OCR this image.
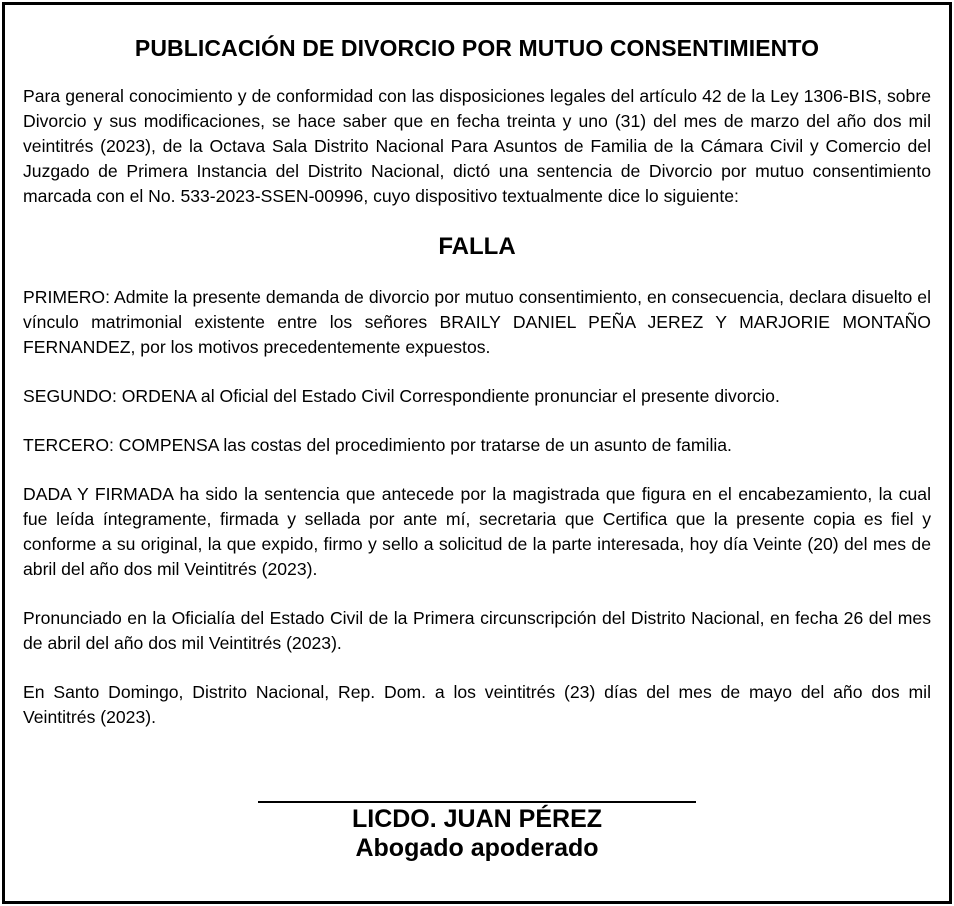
PUBLICACIÓN DE DIVORCIO POR MUTUO CONSENTIMIENTO

Para general conocimiento y de conformidad con las disposiciones legales del artículo 42 de la Ley 1306-BIS, sobre Divorcio y sus modificaciones, se hace saber que en fecha treinta y uno (31) del mes de marzo del año dos mil veintitrés (2023), de la Octava Sala Distrito Nacional Para Asuntos de Familia de la Cámara Civil y Comercio del Juzgado de Primera Instancia del Distrito Nacional, dictó una sentencia de Divorcio por mutuo consentimiento marcada con el No. 533-2023-SSEN-00996, cuyo dispositivo textualmente dice lo siguiente:

FALLA

PRIMERO: Admite la presente demanda de divorcio por mutuo consentimiento, en consecuencia, declara disuelto el vínculo matrimonial existente entre los señores BRAILY DANIEL PEÑA JEREZ Y MARJORIE MONTAÑO FERNANDEZ, por los motivos precedentemente expuestos.

SEGUNDO: ORDENA al Oficial del Estado Civil Correspondiente pronunciar el presente divorcio.

TERCERO: COMPENSA las costas del procedimiento por tratarse de un asunto de familia.

DADA Y FIRMADA ha sido la sentencia que antecede por la magistrada que figura en el encabezamiento, la cual fue leída íntegramente, firmada y sellada por ante mí, secretaria que Certifica que la presente copia es fiel y conforme a su original, la que expido, firmo y sello a solicitud de la parte interesada, hoy día Veinte (20) del mes de abril del año dos mil Veintitrés (2023).

Pronunciado en la Oficialía del Estado Civil de la Primera circunscripción del Distrito Nacional, en fecha 26 del mes de abril del año dos mil Veintitrés (2023).

En Santo Domingo, Distrito Nacional, Rep. Dom. a los veintitrés (23) días del mes de mayo del año dos mil Veintitrés (2023).

LICDO. JUAN PÉREZ
Abogado apoderado
